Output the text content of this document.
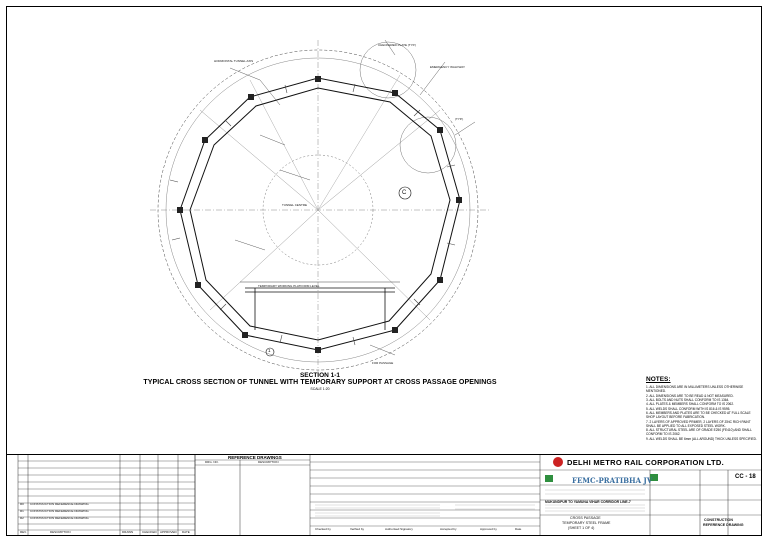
HORIZONTAL TUNNEL AXIS
CHECKERED PLATE (TYP.)
EMERGENCY WALKWAY
(TYP.)
TEMPORARY WORKING PLATFORM LEVEL
TUNNEL CENTRE
FOR PASSAGE
C
1
SECTION 1-1
TYPICAL CROSS SECTION OF TUNNEL WITH TEMPORARY SUPPORT AT CROSS PASSAGE OPENINGS
SCALE 1:20
NOTES:
1. ALL DIMENSIONS ARE IN MILLIMETERS UNLESS OTHERWISE MENTIONED.
2. ALL DIMENSIONS ARE TO BE READ & NOT MEASURED.
3. ALL BOLTS AND NUTS SHALL CONFORM TO IS 1364.
4. ALL PLATES & MEMBERS SHALL CONFORM TO IS 2062.
5. ALL WELDS SHALL CONFORM WITH IS 816 & IS 9595.
6. ALL MEMBERS AND PLATES ARE TO BE CHECKED AT FULL SCALE SHOP LAYOUT BEFORE FABRICATION.
7. 2 LAYERS OF APPROVED PRIMER, 2 LAYERS OF ZINC RICH PAINT SHALL BE APPLIED TO ALL EXPOSED STEEL WORK.
8. ALL STRUCTURAL STEEL ARE OF GRADE E250 (FE410) AND SHALL CONFORM TO IS 2062.
9. ALL WELDS SHALL BE 6mm (ALL AROUND) THICK UNLESS SPECIFIED.
R0 CONSTRUCTION REFERENCE DRAWING
R1 CONSTRUCTION REFERENCE DRAWING
R2 CONSTRUCTION REFERENCE DRAWING
REV.	DESCRIPTION	DRAWN	CHECKED APPROVED DATE
REFERENCE DRAWINGS
DRG. NO.	DESCRIPTION	DELHI METRO RAIL CORPORATION LTD.
FEMC-PRATIBHA JV
MUKUNDPUR TO YAMUNA VIHAR CORRIDOR LINE-7
CROSS PASSAGE
TEMPORARY STEEL FRAME
(SHEET 1 OF 4)
CC - 18
CONSTRUCTION
REFERENCE DRAWING
Checked by	Verified by	Authorised Signatory	Accepted by	Approved by	Date
